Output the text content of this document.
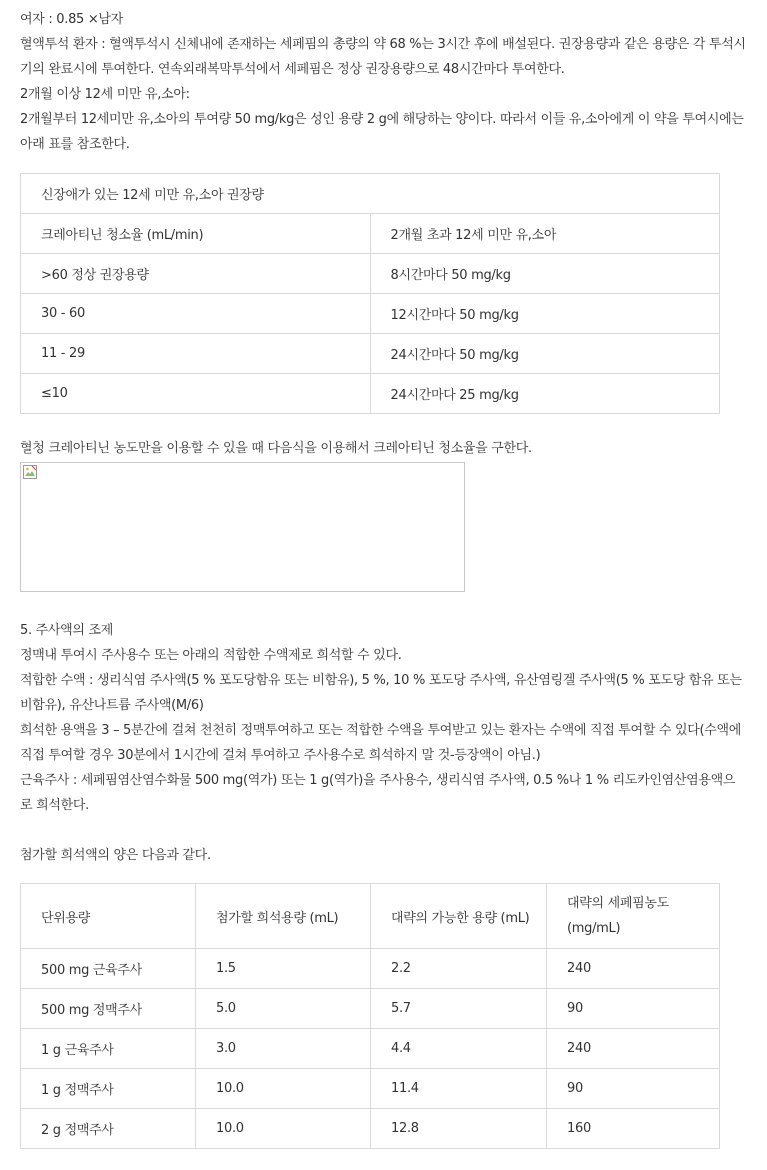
여자 : 0.85 ×남자

혈액투석 환자 : 혈액투석시 신체내에 존재하는 세페핌의 총량의 약 68 %는 3시간 후에 배설된다. 권장용량과 같은 용량은 각 투석시기의 완료시에 투여한다. 연속외래복막투석에서 세페핌은 정상 권장용량으로 48시간마다 투여한다.

2개월 이상 12세 미만 유,소아:

2개월부터 12세미만 유,소아의 투여량 50 mg/kg은 성인 용량 2 g에 해당하는 양이다. 따라서 이들 유,소아에게 이 약을 투여시에는 아래 표를 참조한다.

신장애가 있는 12세 미만 유,소아 권장량	
크레아티닌 청소율 (mL/min)	2개월 초과 12세 미만 유,소아
>60 정상 권장용량	8시간마다 50 mg/kg
30 - 60	12시간마다 50 mg/kg
11 - 29	24시간마다 50 mg/kg
≤10	24시간마다 25 mg/kg

혈청 크레아티닌 농도만을 이용할 수 있을 때 다음식을 이용해서 크레아티닌 청소율을 구한다.

5. 주사액의 조제

정맥내 투여시 주사용수 또는 아래의 적합한 수액제로 희석할 수 있다.

적합한 수액 : 생리식염 주사액(5 % 포도당함유 또는 비함유), 5 %, 10 % 포도당 주사액, 유산염링겔 주사액(5 % 포도당 함유 또는 비함유), 유산나트륨 주사액(M/6)

희석한 용액을 3 – 5분간에 걸쳐 천천히 정맥투여하고 또는 적합한 수액을 투여받고 있는 환자는 수액에 직접 투여할 수 있다(수액에 직접 투여할 경우 30분에서 1시간에 걸쳐 투여하고 주사용수로 희석하지 말 것-등장액이 아님.)

근육주사 : 세페핌염산염수화물 500 mg(역가) 또는 1 g(역가)을 주사용수, 생리식염 주사액, 0.5 %나 1 % 리도카인염산염용액으로 희석한다.

첨가할 희석액의 양은 다음과 같다.

단위용량	첨가할 희석용량 (mL)	대략의 가능한 용량 (mL)	대략의 세페핌농도
(mg/mL)
500 mg 근육주사	1.5	2.2	240
500 mg 정맥주사	5.0	5.7	90
1 g 근육주사	3.0	4.4	240
1 g 정맥주사	10.0	11.4	90
2 g 정맥주사	10.0	12.8	160
